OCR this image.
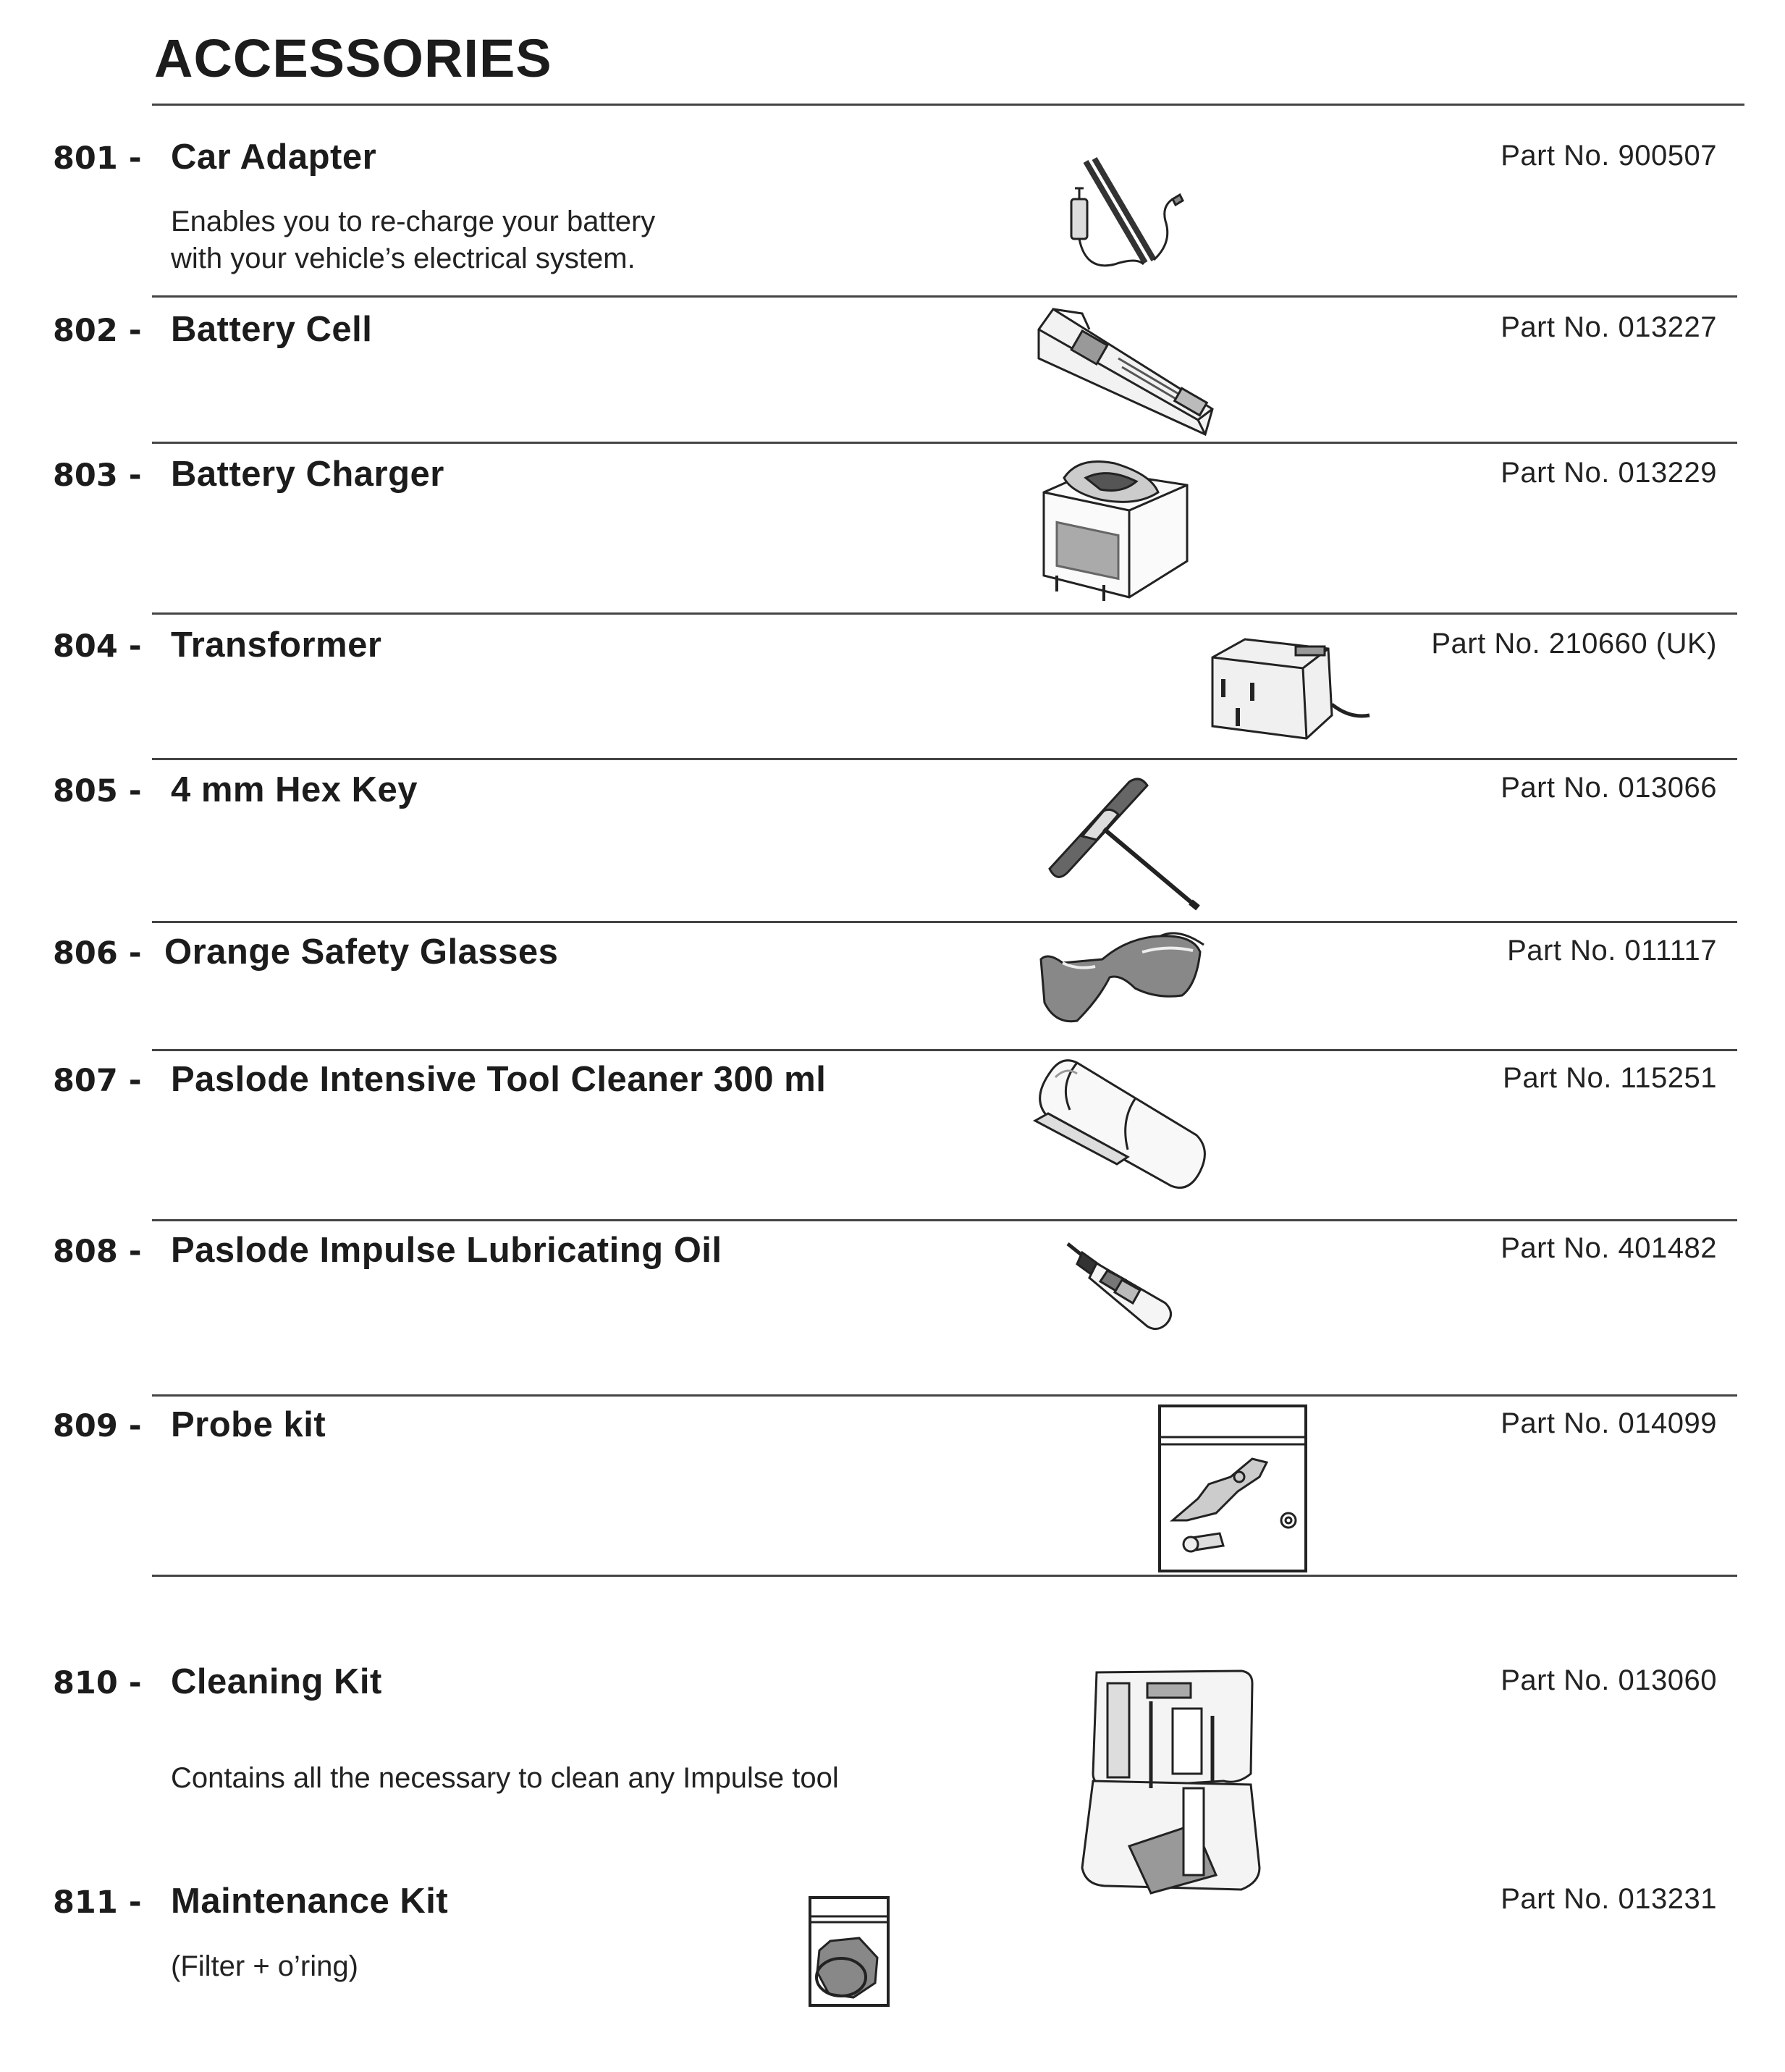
ACCESSORIES
801 - Car Adapter
Enables you to re-charge your battery
with your vehicle’s electrical system.
Part No. 900507
802 - Battery Cell	Part No. 013227
803 - Battery Charger	Part No. 013229
804 - Transformer	Part No. 210660 (UK)
805 - 4 mm Hex Key	Part No. 013066
806 - Orange Safety Glasses	Part No. 011117
807 - Paslode Intensive Tool Cleaner 300 ml	Part No. 115251
808 - Paslode Impulse Lubricating Oil	Part No. 401482
809 - Probe kit	Part No. 014099
810 - Cleaning Kit
Contains all the necessary to clean any Impulse tool
Part No. 013060
811 - Maintenance Kit
(Filter + o’ring)
Part No. 013231
